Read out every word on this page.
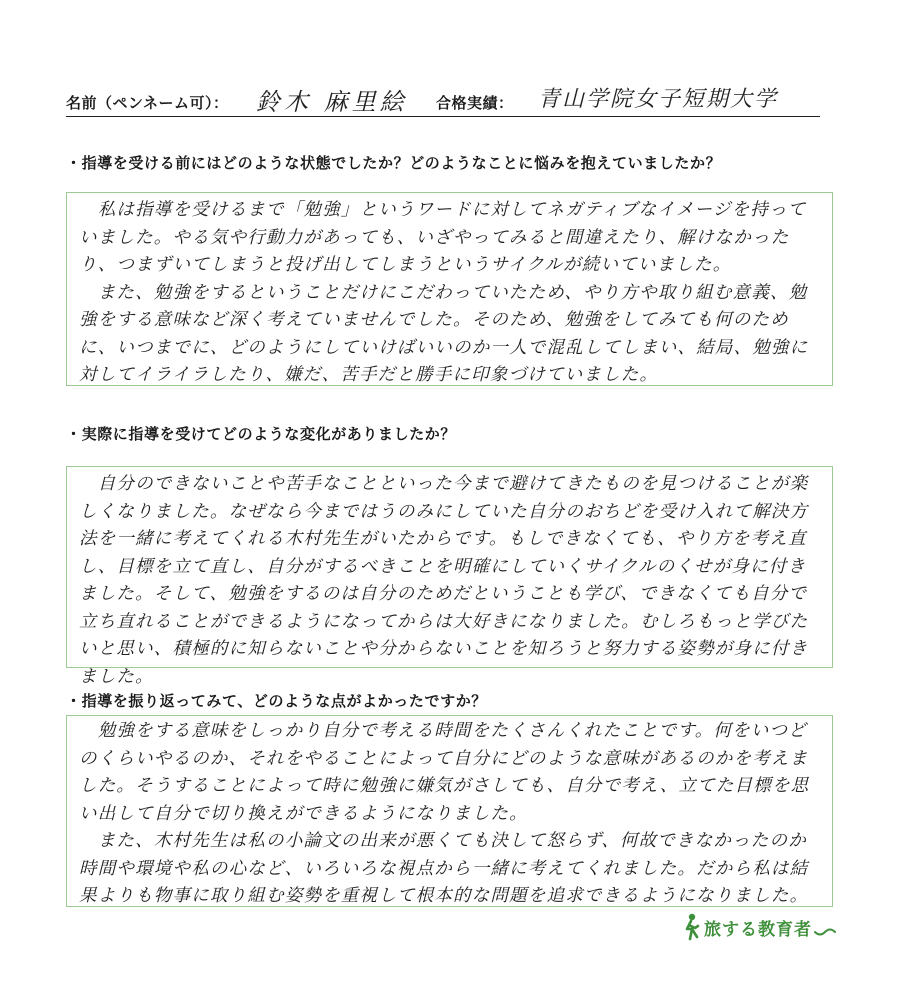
名前（ペンネーム可）： 鈴木 麻里絵 合格実績： 青山学院女子短期大学
・指導を受ける前にはどのような状態でしたか？どのようなことに悩みを抱えていましたか？
　私は指導を受けるまで「勉強」というワードに対してネガティブなイメージを持っていました。やる気や行動力があっても、いざやってみると間違えたり、解けなかったり、つまずいてしまうと投げ出してしまうというサイクルが続いていました。
　また、勉強をするということだけにこだわっていたため、やり方や取り組む意義、勉強をする意味など深く考えていませんでした。そのため、勉強をしてみても何のために、いつまでに、どのようにしていけばいいのか一人で混乱してしまい、結局、勉強に対してイライラしたり、嫌だ、苦手だと勝手に印象づけていました。
・実際に指導を受けてどのような変化がありましたか？
　自分のできないことや苦手なことといった今まで避けてきたものを見つけることが楽しくなりました。なぜなら今まではうのみにしていた自分のおちどを受け入れて解決方法を一緒に考えてくれる木村先生がいたからです。もしできなくても、やり方を考え直し、目標を立て直し、自分がするべきことを明確にしていくサイクルのくせが身に付きました。そして、勉強をするのは自分のためだということも学び、できなくても自分で立ち直れることができるようになってからは大好きになりました。むしろもっと学びたいと思い、積極的に知らないことや分からないことを知ろうと努力する姿勢が身に付きました。
・指導を振り返ってみて、どのような点がよかったですか？
　勉強をする意味をしっかり自分で考える時間をたくさんくれたことです。何をいつどのくらいやるのか、それをやることによって自分にどのような意味があるのかを考えました。そうすることによって時に勉強に嫌気がさしても、自分で考え、立てた目標を思い出して自分で切り換えができるようになりました。
　また、木村先生は私の小論文の出来が悪くても決して怒らず、何故できなかったのか時間や環境や私の心など、いろいろな視点から一緒に考えてくれました。だから私は結果よりも物事に取り組む姿勢を重視して根本的な問題を追求できるようになりました。
旅する教育者
